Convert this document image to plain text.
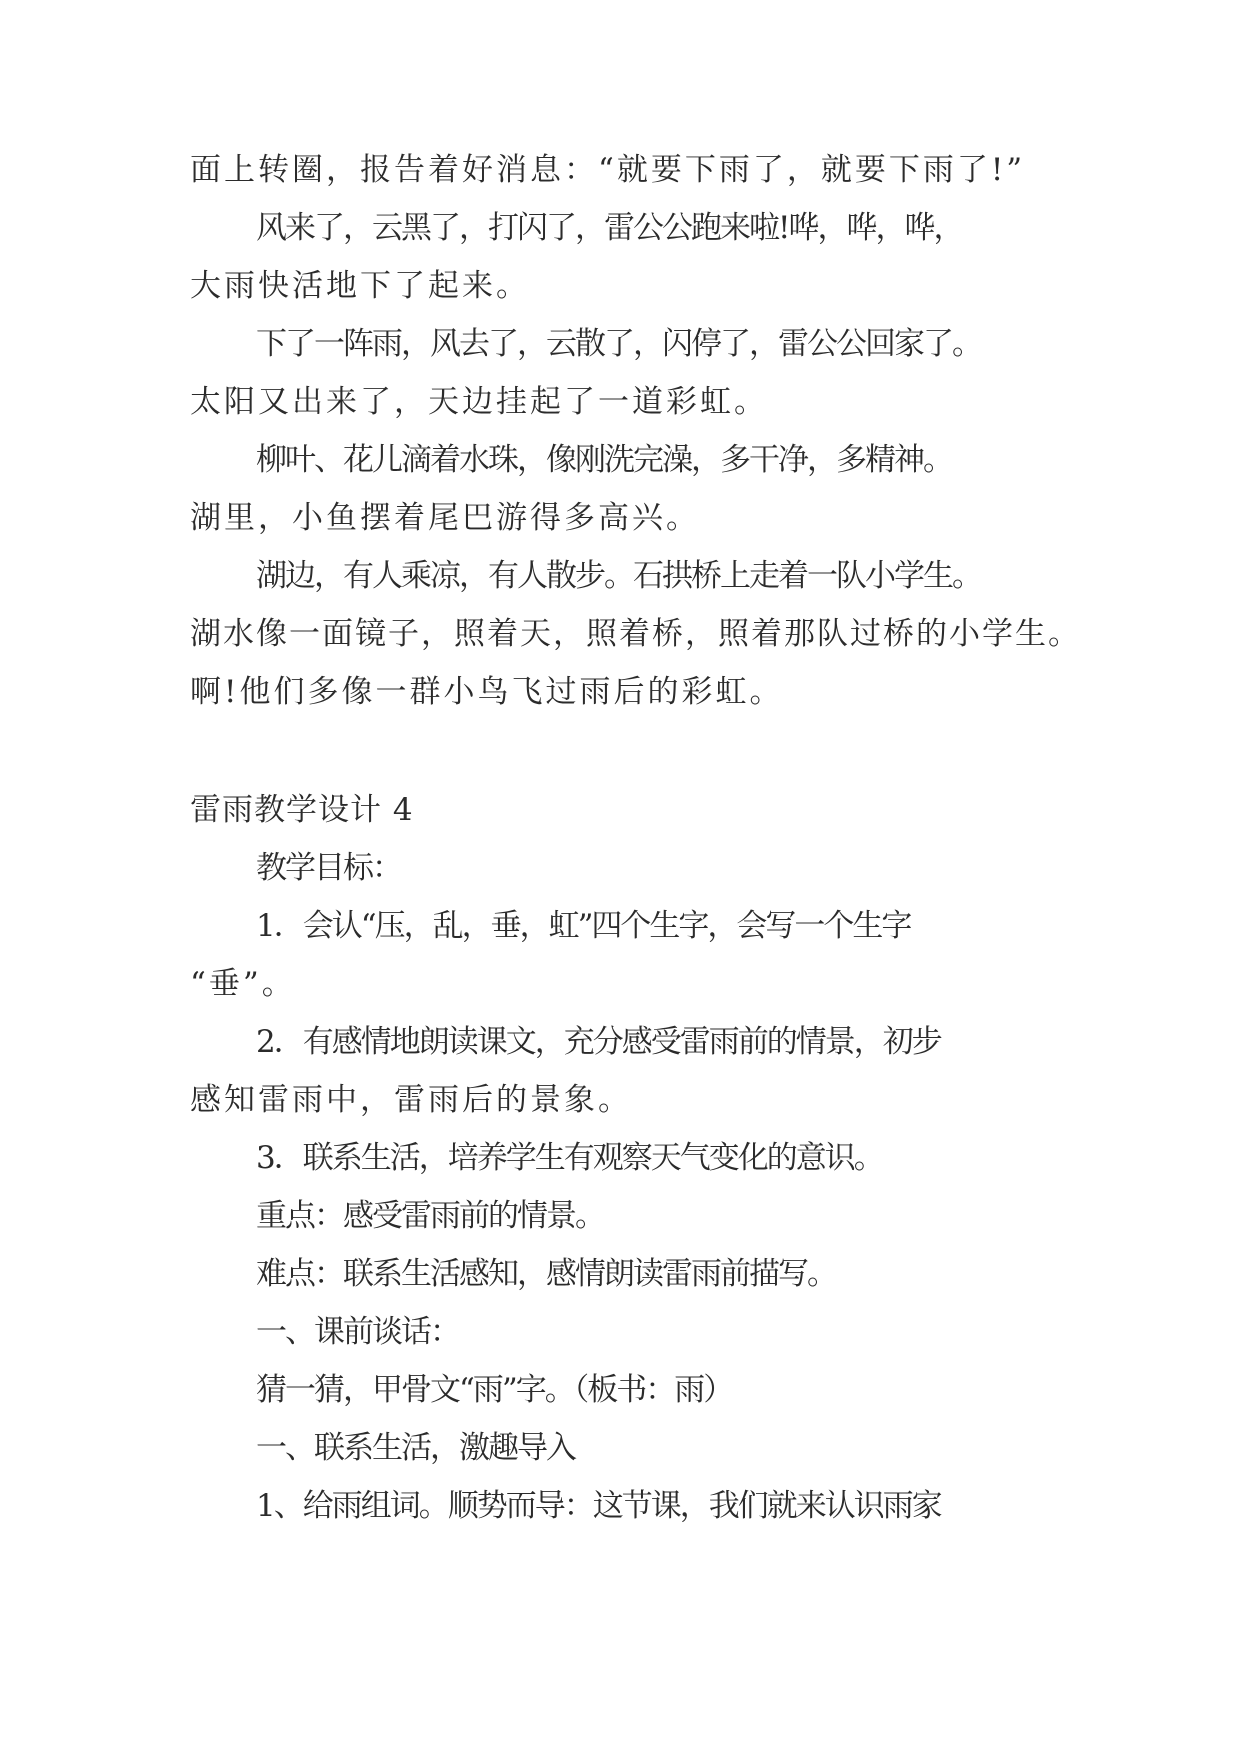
面上转圈，报告着好消息：“就要下雨了，就要下雨了!”
风来了，云黑了，打闪了，雷公公跑来啦!哗，哗，哗，
大雨快活地下了起来。
下了一阵雨，风去了，云散了，闪停了，雷公公回家了。
太阳又出来了，天边挂起了一道彩虹。
柳叶、花儿滴着水珠，像刚洗完澡，多干净，多精神。
湖里，小鱼摆着尾巴游得多高兴。
湖边，有人乘凉，有人散步。石拱桥上走着一队小学生。
湖水像一面镜子，照着天，照着桥，照着那队过桥的小学生。
啊!他们多像一群小鸟飞过雨后的彩虹。
雷雨教学设计 4
教学目标：
1．会认“压，乱，垂，虹”四个生字，会写一个生字
“垂”。
2．有感情地朗读课文，充分感受雷雨前的情景，初步
感知雷雨中，雷雨后的景象。
3．联系生活，培养学生有观察天气变化的意识。
重点：感受雷雨前的情景。
难点：联系生活感知，感情朗读雷雨前描写。
一、课前谈话：
猜一猜，甲骨文“雨”字。（板书：雨）
一、联系生活，激趣导入
1、给雨组词。顺势而导：这节课，我们就来认识雨家
